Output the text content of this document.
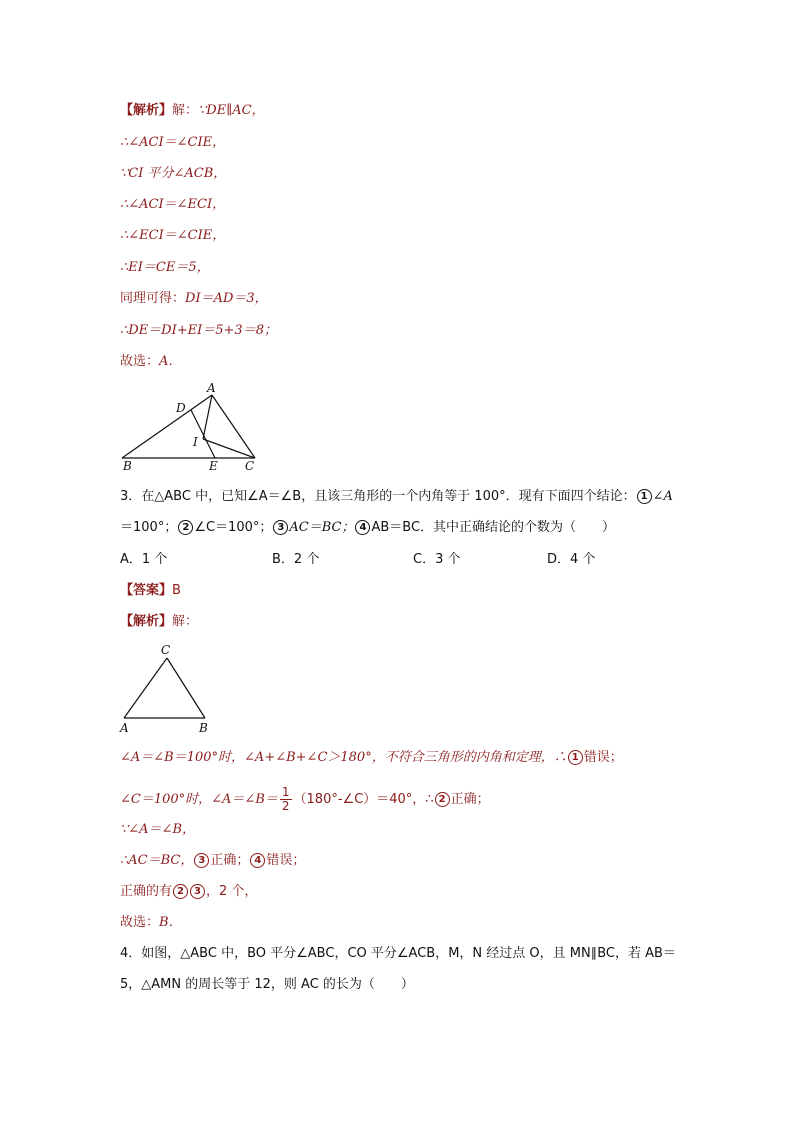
【解析】解：∵DE∥AC，
∴∠ACI＝∠CIE，
∵CI 平分∠ACB，
∴∠ACI＝∠ECI，
∴∠ECI＝∠CIE，
∴EI＝CE＝5，
同理可得：DI＝AD＝3，
∴DE＝DI+EI＝5+3＝8；
故选：A．
A
D
I
B	E C
3．在△ABC 中，已知∠A＝∠B，且该三角形的一个内角等于 100°．现有下面四个结论： 1 ∠A
＝100°； 2 ∠C＝100°； 3 AC＝BC； 4 AB＝BC．其中正确结论的个数为（　　）
A．1 个	B．2 个	C．3 个	D．4 个
【答案】B
【解析】解：
C
A	B
∠A＝∠B＝100°时，∠A+∠B+∠C＞180°，不符合三角形的内角和定理，∴ 1 错误；
∠C＝100°时，∠A＝∠B＝ $\frac{1}{2}$ （180°-∠C）＝40°，∴ 2 正确；
∵∠A＝∠B，
∴AC＝BC， 3 正确； 4 错误；
正确的有 2 3 ，2 个，
故选：B．
4．如图，△ABC 中，BO 平分∠ABC，CO 平分∠ACB，M，N 经过点 O，且 MN∥BC，若 AB＝
5，△AMN 的周长等于 12，则 AC 的长为（　　）
